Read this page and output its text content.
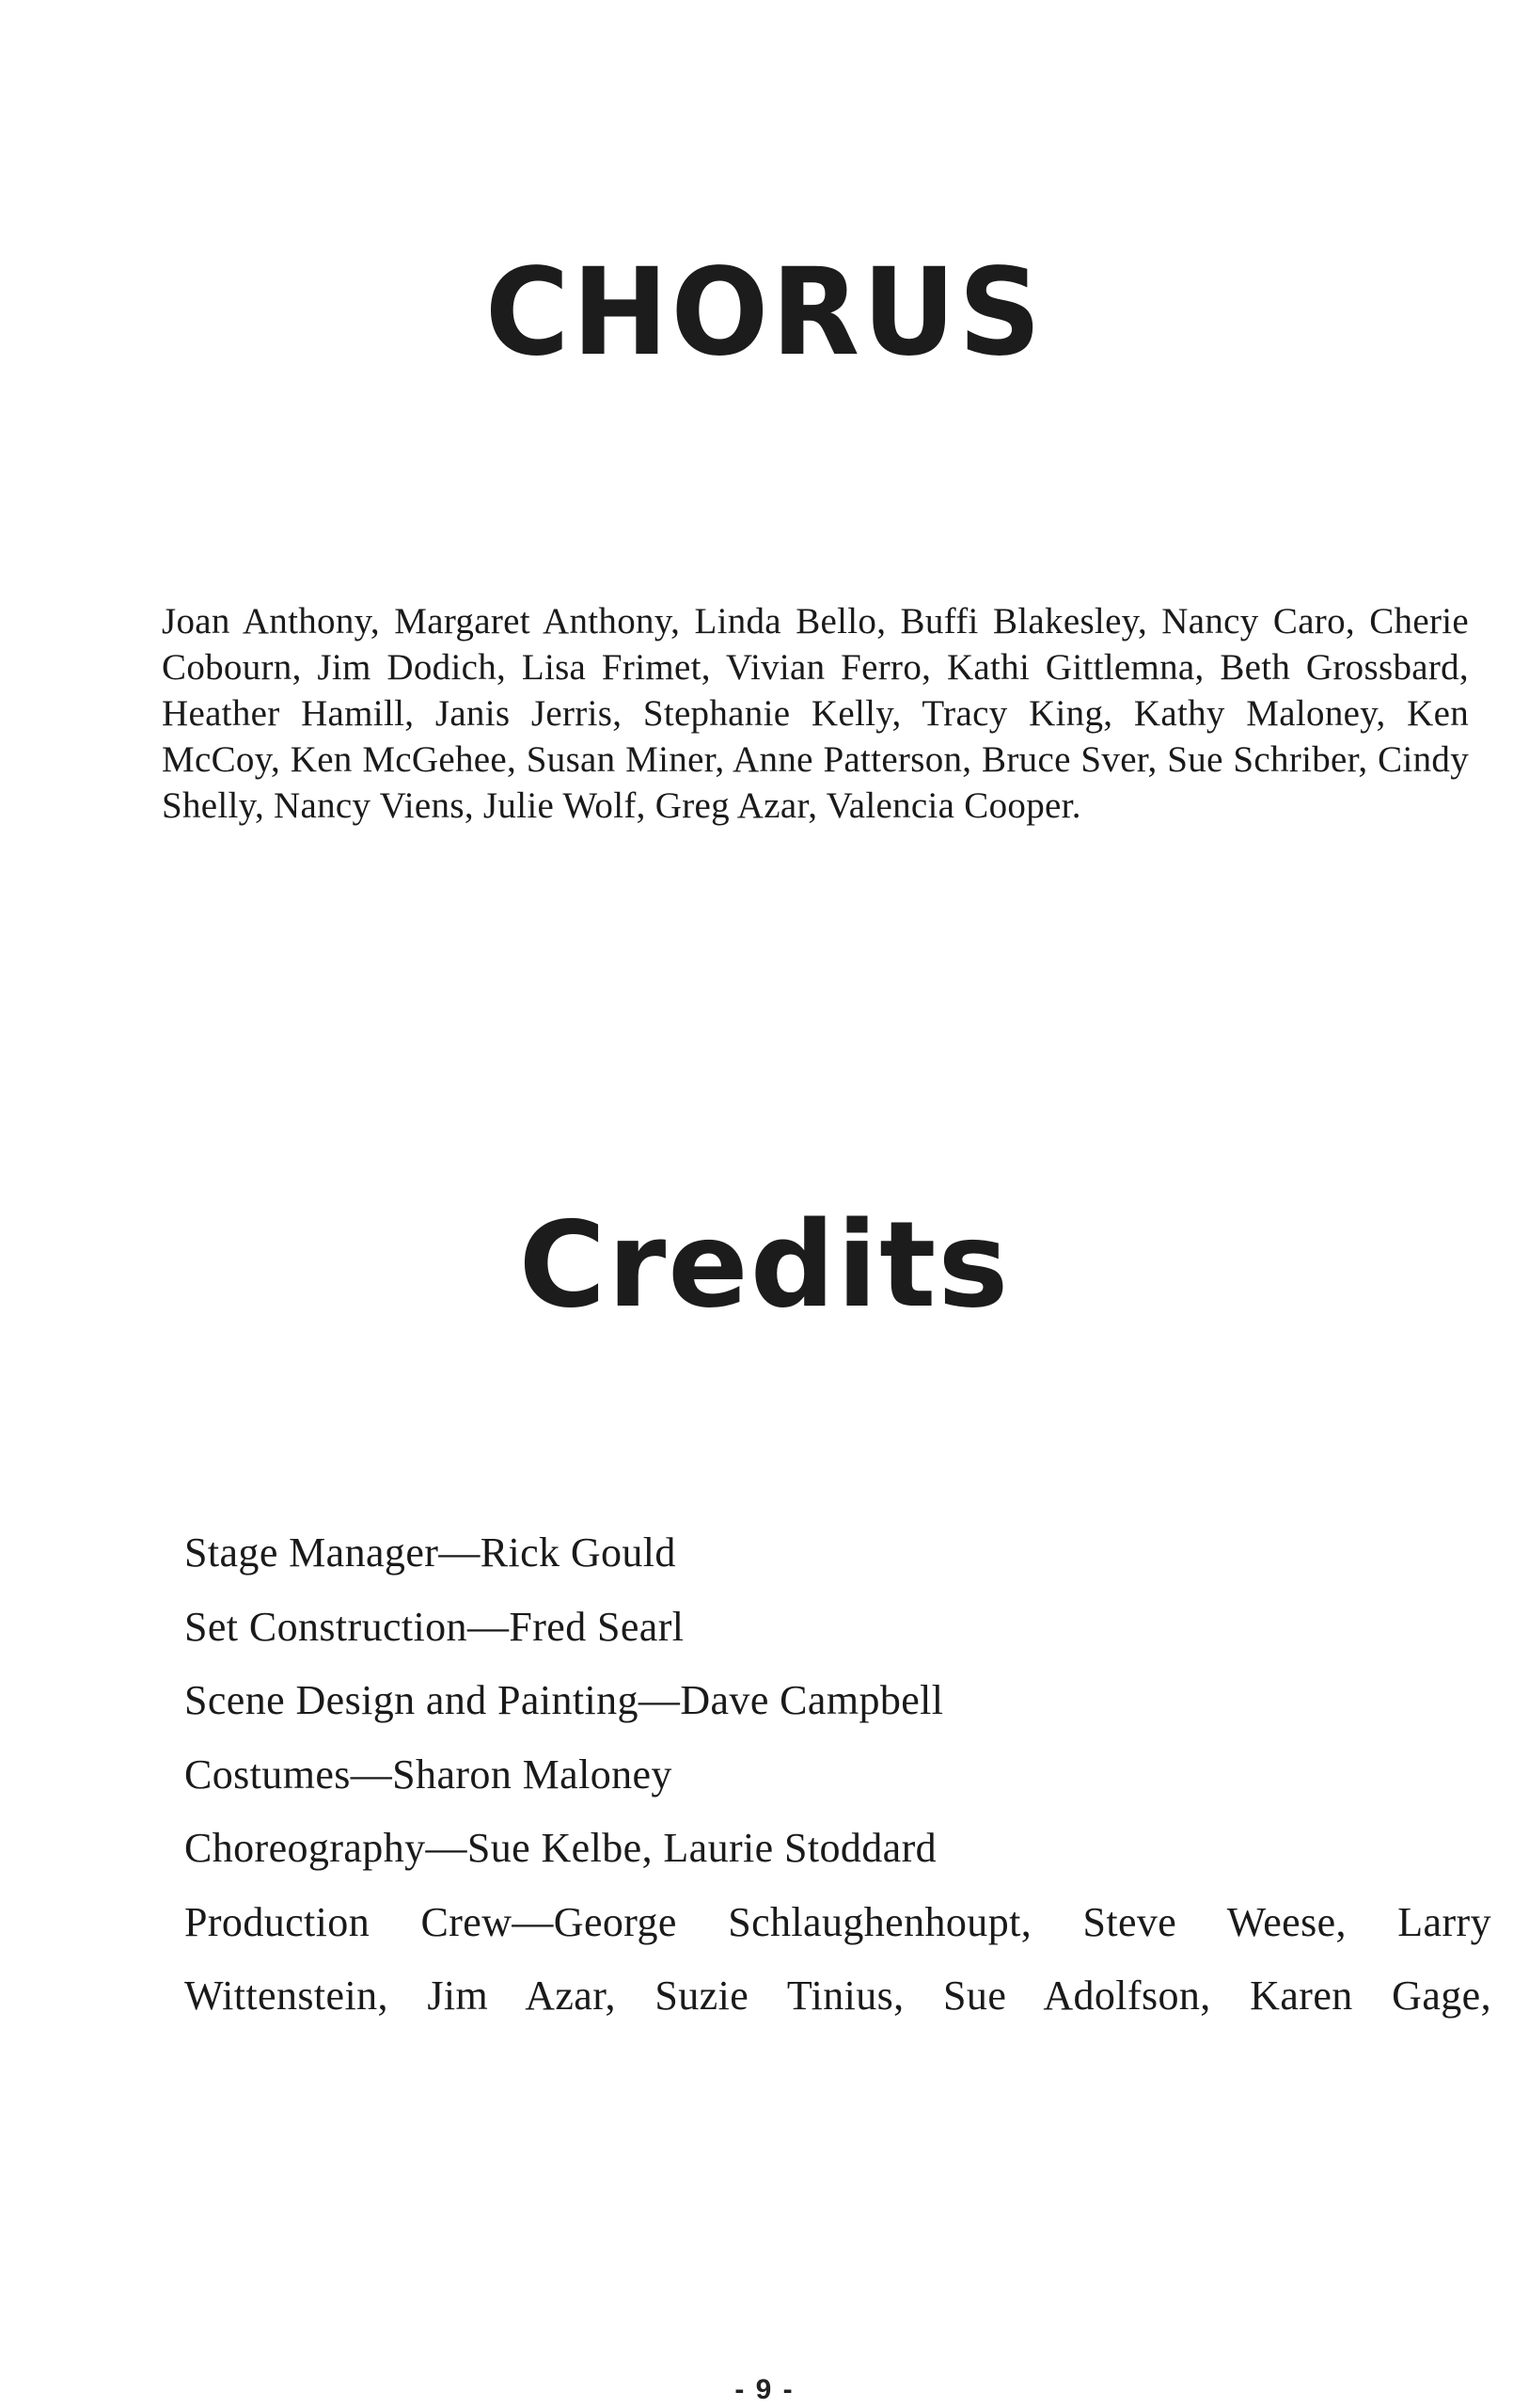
CHORUS

Joan Anthony, Margaret Anthony, Linda Bello, Buffi Blakesley, Nancy Caro, Cherie Cobourn, Jim Dodich, Lisa Frimet, Vivian Ferro, Kathi Gittlemna, Beth Grossbard, Heather Hamill, Janis Jerris, Stephanie Kelly, Tracy King, Kathy Maloney, Ken McCoy, Ken McGehee, Susan Miner, Anne Patterson, Bruce Sver, Sue Schriber, Cindy Shelly, Nancy Viens, Julie Wolf, Greg Azar, Valencia Cooper.

Credits
Stage Manager—Rick Gould
Set Construction—Fred Searl
Scene Design and Painting—Dave Campbell
Costumes—Sharon Maloney
Choreography—Sue Kelbe, Laurie Stoddard
Production Crew—George Schlaughenhoupt, Steve Weese, Larry Wittenstein, Jim Azar, Suzie Tinius, Sue Adolfson, Karen Gage,
- 9 -
